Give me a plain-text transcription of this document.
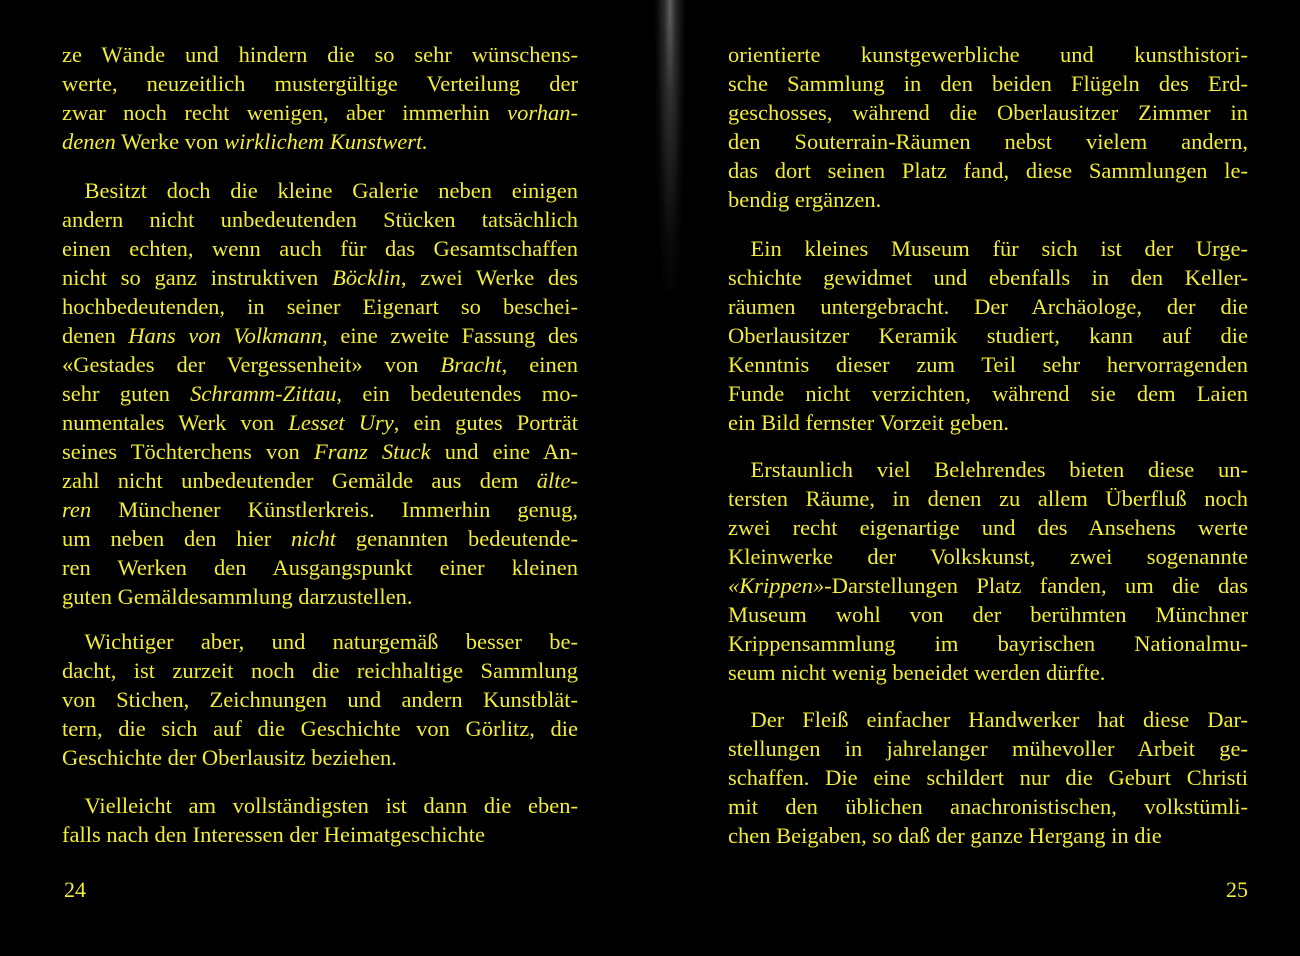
ze Wände und hindern die so sehr wünschens-
werte, neuzeitlich mustergültige Verteilung der
zwar noch recht wenigen, aber immerhin vorhan-
denen Werke von wirklichem Kunstwert.
 Besitzt doch die kleine Galerie neben einigen
andern nicht unbedeutenden Stücken tatsächlich
einen echten, wenn auch für das Gesamtschaffen
nicht so ganz instruktiven Böcklin, zwei Werke des
hochbedeutenden, in seiner Eigenart so beschei-
denen Hans von Volkmann, eine zweite Fassung des
«Gestades der Vergessenheit» von Bracht, einen
sehr guten Schramm-Zittau, ein bedeutendes mo-
numentales Werk von Lesset Ury, ein gutes Porträt
seines Töchterchens von Franz Stuck und eine An-
zahl nicht unbedeutender Gemälde aus dem älte-
ren Münchener Künstlerkreis. Immerhin genug,
um neben den hier nicht genannten bedeutende-
ren Werken den Ausgangspunkt einer kleinen
guten Gemäldesammlung darzustellen.
 Wichtiger aber, und naturgemäß besser be-
dacht, ist zurzeit noch die reichhaltige Sammlung
von Stichen, Zeichnungen und andern Kunstblät-
tern, die sich auf die Geschichte von Görlitz, die
Geschichte der Oberlausitz beziehen.
 Vielleicht am vollständigsten ist dann die eben-
falls nach den Interessen der Heimatgeschichte
24
orientierte kunstgewerbliche und kunsthistori-
sche Sammlung in den beiden Flügeln des Erd-
geschosses, während die Oberlausitzer Zimmer in
den Souterrain-Räumen nebst vielem andern,
das dort seinen Platz fand, diese Sammlungen le-
bendig ergänzen.
 Ein kleines Museum für sich ist der Urge-
schichte gewidmet und ebenfalls in den Keller-
räumen untergebracht. Der Archäologe, der die
Oberlausitzer Keramik studiert, kann auf die
Kenntnis dieser zum Teil sehr hervorragenden
Funde nicht verzichten, während sie dem Laien
ein Bild fernster Vorzeit geben.
 Erstaunlich viel Belehrendes bieten diese un-
tersten Räume, in denen zu allem Überfluß noch
zwei recht eigenartige und des Ansehens werte
Kleinwerke der Volkskunst, zwei sogenannte
«Krippen»-Darstellungen Platz fanden, um die das
Museum wohl von der berühmten Münchner
Krippensammlung im bayrischen Nationalmu-
seum nicht wenig beneidet werden dürfte.
 Der Fleiß einfacher Handwerker hat diese Dar-
stellungen in jahrelanger mühevoller Arbeit ge-
schaffen. Die eine schildert nur die Geburt Christi
mit den üblichen anachronistischen, volkstümli-
chen Beigaben, so daß der ganze Hergang in die
25
